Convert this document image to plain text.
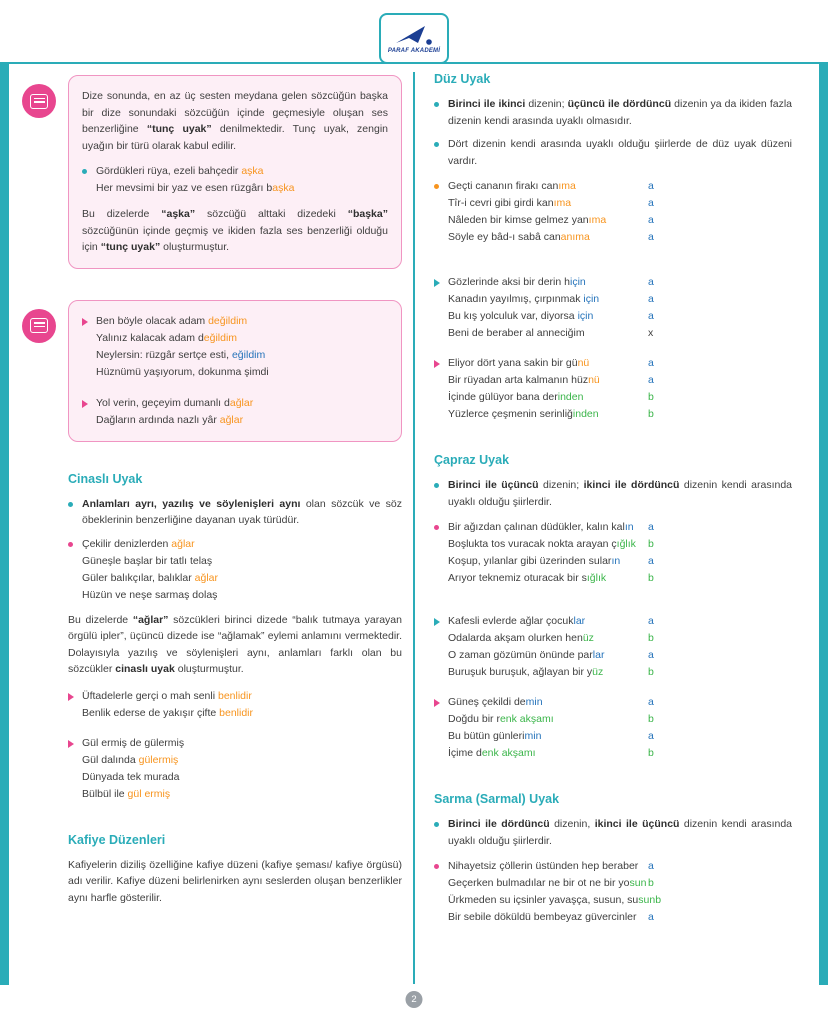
PARAF AKADEMİ

Dize sonunda, en az üç sesten meydana gelen sözcüğün başka bir dize sonundaki sözcüğün içinde geçmesiyle oluşan ses benzerliğine “tunç uyak” denilmektedir. Tunç uyak, zengin uyağın bir türü olarak kabul edilir.

Gördükleri rüya, ezeli bahçedir aşka
Her mevsimi bir yaz ve esen rüzgârı başka

Bu dizelerde “aşka” sözcüğü alttaki dizedeki “başka” sözcüğünün içinde geçmiş ve ikiden fazla ses benzerliği olduğu için “tunç uyak” oluşturmuştur.

Ben böyle olacak adam değildim
Yalınız kalacak adam değildim
Neylersin: rüzgâr sertçe esti, eğildim
Hüznümü yaşıyorum, dokunma şimdi
Yol verin, geçeyim dumanlı dağlar
Dağların ardında nazlı yâr ağlar
Cinaslı Uyak

Anlamları ayrı, yazılış ve söylenişleri aynı olan sözcük ve söz öbeklerinin benzerliğine dayanan uyak türüdür.

Çekilir denizlerden ağlar
Güneşle başlar bir tatlı telaş
Güler balıkçılar, balıklar ağlar
Hüzün ve neşe sarmaş dolaş

Bu dizelerde “ağlar” sözcükleri birinci dizede “balık tutmaya yarayan örgülü ipler”, üçüncü dizede ise “ağlamak” eylemi anlamını vermektedir. Dolayısıyla yazılış ve söylenişleri aynı, anlamları farklı olan bu sözcükler cinaslı uyak oluşturmuştur.

Üftadelerle gerçi o mah senli benlidir
Benlik ederse de yakışır çifte benlidir
Gül ermiş de gülermiş
Gül dalında gülermiş
Dünyada tek murada
Bülbül ile gül ermiş
Kafiye Düzenleri

Kafiyelerin diziliş özelliğine kafiye düzeni (kafiye şeması/ kafiye örgüsü) adı verilir. Kafiye düzeni belirlenirken aynı seslerden oluşan benzerlikler aynı harfle gösterilir.

Düz Uyak

Birinci ile ikinci dizenin; üçüncü ile dördüncü dizenin ya da ikiden fazla dizenin kendi arasında uyaklı olmasıdır.

Dört dizenin kendi arasında uyaklı olduğu şiirlerde de düz uyak düzeni vardır.

Geçti cananın firakı canıma	a
Tîr-i cevri gibi girdi kanıma	a
Nâleden bir kimse gelmez yanıma	a
Söyle ey bâd-ı sabâ cananıma	a
Gözlerinde aksi bir derin hiçin	a
Kanadın yayılmış, çırpınmak için	a
Bu kış yolculuk var, diyorsa için	a
Beni de beraber al anneciğim	x
Eliyor dört yana sakin bir günü	a
Bir rüyadan arta kalmanın hüznü	a
İçinde gülüyor bana derinden	b
Yüzlerce çeşmenin serinliğinden	b
Çapraz Uyak

Birinci ile üçüncü dizenin; ikinci ile dördüncü dizenin kendi arasında uyaklı olduğu şiirlerdir.

Bir ağızdan çalınan düdükler, kalın kalın	a
Boşlukta tos vuracak nokta arayan çığlık	b
Koşup, yılanlar gibi üzerinden suların	a
Arıyor teknemiz oturacak bir sığlık	b
Kafesli evlerde ağlar çocuklar	a
Odalarda akşam olurken henüz	b
O zaman gözümün önünde parlar	a
Buruşuk buruşuk, ağlayan bir yüz	b
Güneş çekildi demin	a
Doğdu bir renk akşamı	b
Bu bütün günlerimin	a
İçime denk akşamı	b
Sarma (Sarmal) Uyak

Birinci ile dördüncü dizenin, ikinci ile üçüncü dizenin kendi arasında uyaklı olduğu şiirlerdir.

Nihayetsiz çöllerin üstünden hep beraber a
Geçerken bulmadılar ne bir ot ne bir yosun b
Ürkmeden su içsinler yavaşça, susun, susun b
Bir sebile döküldü bembeyaz güvercinler	a
2
